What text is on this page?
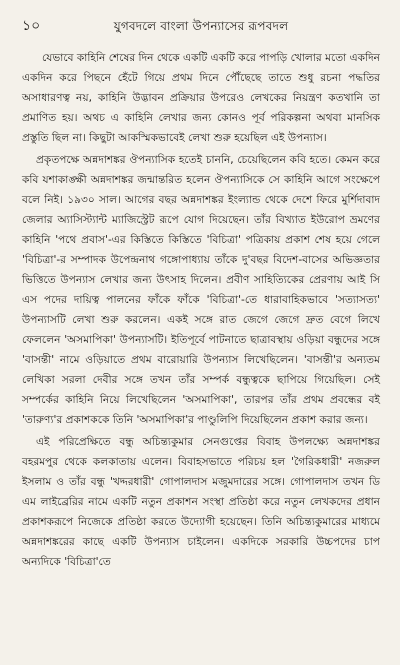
১০	যুগবদলে বাংলা উপন্যাসের রূপবদল

যেভাবে কাহিনি শেষের দিন থেকে একটি একটি করে পাপড়ি খোলার মতো একদিন একদিন করে পিছনে হেঁটে গিয়ে প্রথম দিনে পৌঁছেছে তাতে শুধু রচনা পদ্ধতির অসাধারণত্ব নয়, কাহিনি উদ্ভাবন প্রক্রিয়ার উপরেও লেখকের নিয়ন্ত্রণ কতখানি তা প্রমাণিত হয়। অথচ এ কাহিনি লেখার জন্য কোনও পূর্ব পরিকল্পনা অথবা মানসিক প্রস্তুতি ছিল না। কিছুটা আকস্মিকভাবেই লেখা শুরু হয়েছিল এই উপন্যাস।

প্রকৃতপক্ষে অন্নদাশঙ্কর ঔপন্যাসিক হতেই চাননি, চেয়েছিলেন কবি হতে। কেমন করে কবি যশাকাঙ্ক্ষী অন্নদাশঙ্কর জন্মান্তরিত হলেন ঔপন্যাসিকে সে কাহিনি আগে সংক্ষেপে বলে নিই। ১৯৩০ সাল। আগের বছর অন্নদাশঙ্কর ইংল্যান্ড থেকে দেশে ফিরে মুর্শিদাবাদ জেলার অ্যাসিস্ট্যান্ট ম্যাজিস্ট্রেট রূপে যোগ দিয়েছেন। তাঁর বিখ্যাত ইউরোপ ভ্রমণের কাহিনি 'পথে প্রবাস'-এর কিস্তিতে কিস্তিতে 'বিচিত্রা' পত্রিকায় প্রকাশ শেষ হয়ে গেলে 'বিচিত্রা'-র সম্পাদক উপেন্দ্রনাথ গঙ্গোপাধ্যায় তাঁকে দু'বছর বিদেশ-বাসের অভিজ্ঞতার ভিত্তিতে উপন্যাস লেখার জন্য উৎসাহ দিলেন। প্রবীণ সাহিত্যিকের প্রেরণায় আই সি এস পদের দায়িত্ব পালনের ফাঁকে ফাঁকে 'বিচিত্রা'-তে ধারাবাহিকভাবে 'সত্যাসত্য' উপন্যাসটি লেখা শুরু করলেন। একই সঙ্গে রাত জেগে জেগে দ্রুত বেগে লিখে ফেললেন 'অসমাপিকা' উপন্যাসটি। ইতিপূর্বে পাটনাতে ছাত্রাবস্থায় ওড়িয়া বন্ধুদের সঙ্গে 'বাসন্তী' নামে ওড়িয়াতে প্রথম বারোয়ারি উপন্যাস লিখেছিলেন। 'বাসন্তী'র অন্যতম লেখিকা সরলা দেবীর সঙ্গে তখন তাঁর সম্পর্ক বন্ধুত্বকে ছাপিয়ে গিয়েছিল। সেই সম্পর্কের কাহিনি নিয়ে লিখেছিলেন 'অসমাপিকা', তারপর তাঁর প্রথম প্রবন্ধের বই 'তারুণ্য'র প্রকাশককে তিনি 'অসমাপিকা'র পাণ্ডুলিপি দিয়েছিলেন প্রকাশ করার জন্য।

এই পরিপ্রেক্ষিতে বন্ধু অচিন্ত্যকুমার সেনগুপ্তের বিবাহ উপলক্ষ্যে অন্নদাশঙ্কর বহরমপুর থেকে কলকাতায় এলেন। বিবাহসভাতে পরিচয় হল 'গৈরিকধারী' নজরুল ইসলাম ও তাঁর বন্ধু 'খদ্দরধারী' গোপালদাস মজুমদারের সঙ্গে। গোপালদাস তখন ডি এম লাইব্রেরির নামে একটি নতুন প্রকাশন সংস্থা প্রতিষ্ঠা করে নতুন লেখকদের প্রধান প্রকাশকরূপে নিজেকে প্রতিষ্ঠা করতে উদ্যোগী হয়েছেন। তিনি অচিন্ত্যকুমারের মাধ্যমে অন্নদাশঙ্করের কাছে একটি উপন্যাস চাইলেন। একদিকে সরকারি উচ্চপদের চাপ অন্যদিকে 'বিচিত্রা'তে
